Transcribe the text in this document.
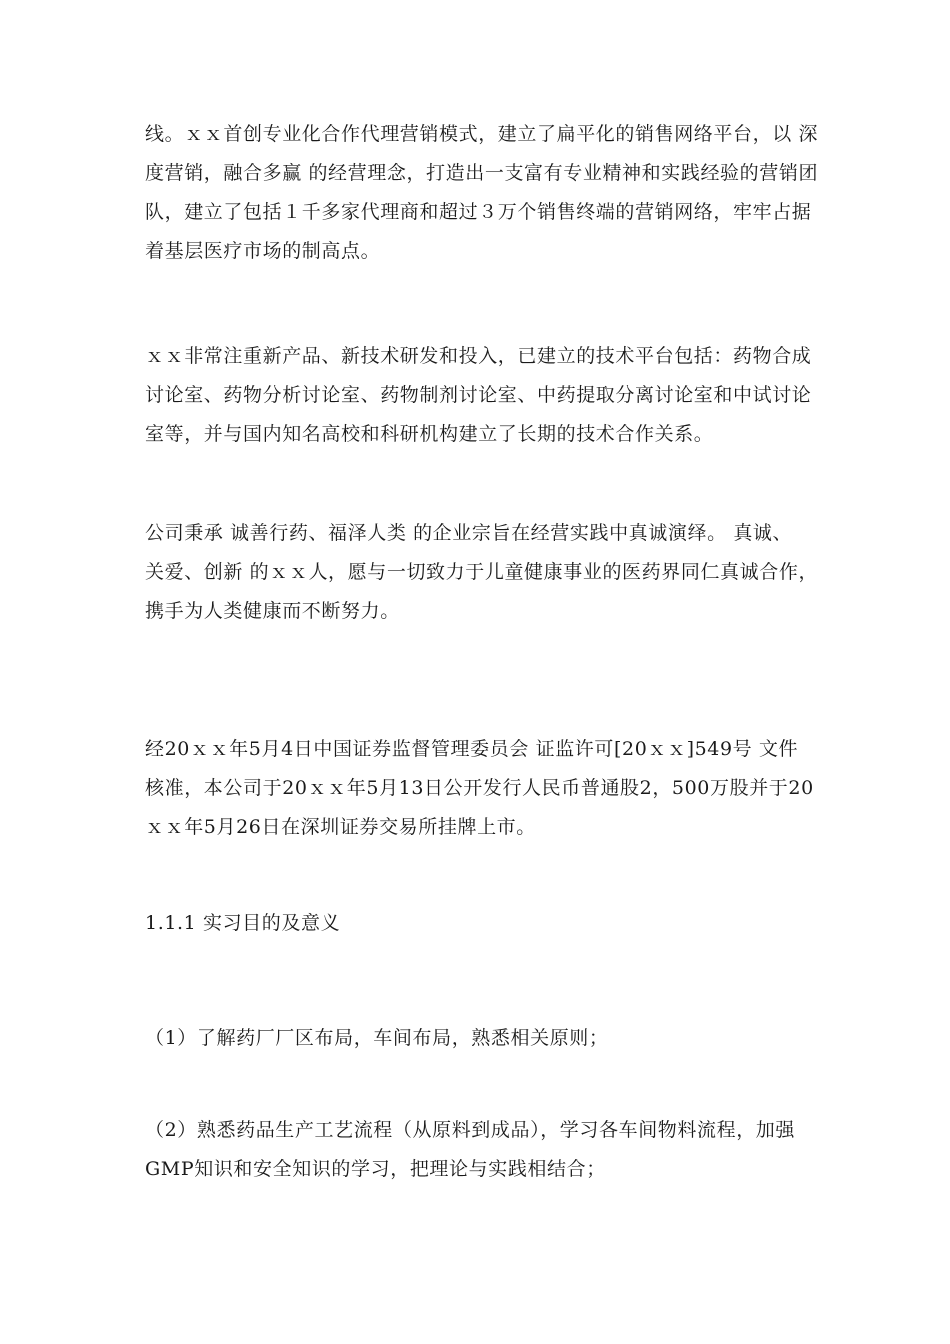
线。ｘｘ首创专业化合作代理营销模式，建立了扁平化的销售网络平台，以 深
度营销，融合多赢 的经营理念，打造出一支富有专业精神和实践经验的营销团
队，建立了包括１千多家代理商和超过３万个销售终端的营销网络，牢牢占据
着基层医疗市场的制高点。

ｘｘ非常注重新产品、新技术研发和投入，已建立的技术平台包括：药物合成
讨论室、药物分析讨论室、药物制剂讨论室、中药提取分离讨论室和中试讨论
室等，并与国内知名高校和科研机构建立了长期的技术合作关系。

公司秉承 诚善行药、福泽人类 的企业宗旨在经营实践中真诚演绎。 真诚、
关爱、创新 的ｘｘ人，愿与一切致力于儿童健康事业的医药界同仁真诚合作，
携手为人类健康而不断努力。

经20ｘｘ年5月4日中国证券监督管理委员会 证监许可[20ｘｘ]549号 文件
核准，本公司于20ｘｘ年5月13日公开发行人民币普通股2，500万股并于20
ｘｘ年5月26日在深圳证券交易所挂牌上市。

1.1.1 实习目的及意义

（1）了解药厂厂区布局，车间布局，熟悉相关原则；

（2）熟悉药品生产工艺流程（从原料到成品），学习各车间物料流程，加强
GMP知识和安全知识的学习，把理论与实践相结合；
